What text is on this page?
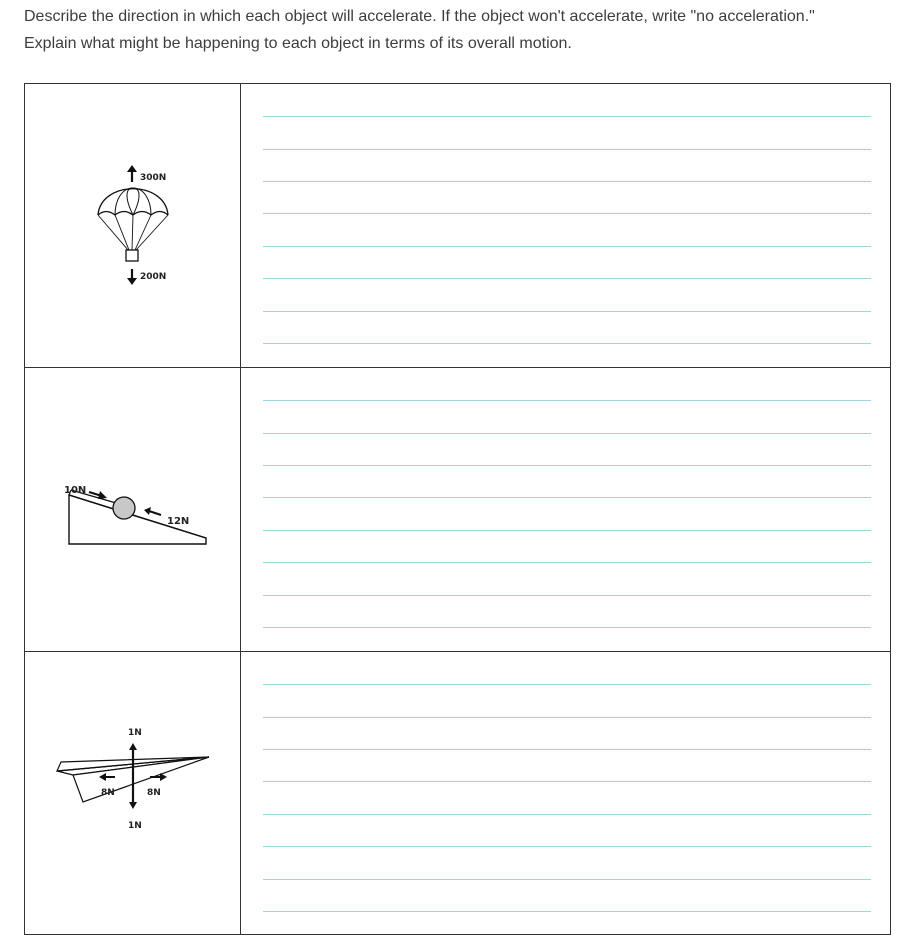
Describe the direction in which each object will accelerate. If the object won't accelerate, write "no acceleration." Explain what might be happening to each object in terms of its overall motion.

300N
200N
10N
12N
1N
1N
8N	8N
